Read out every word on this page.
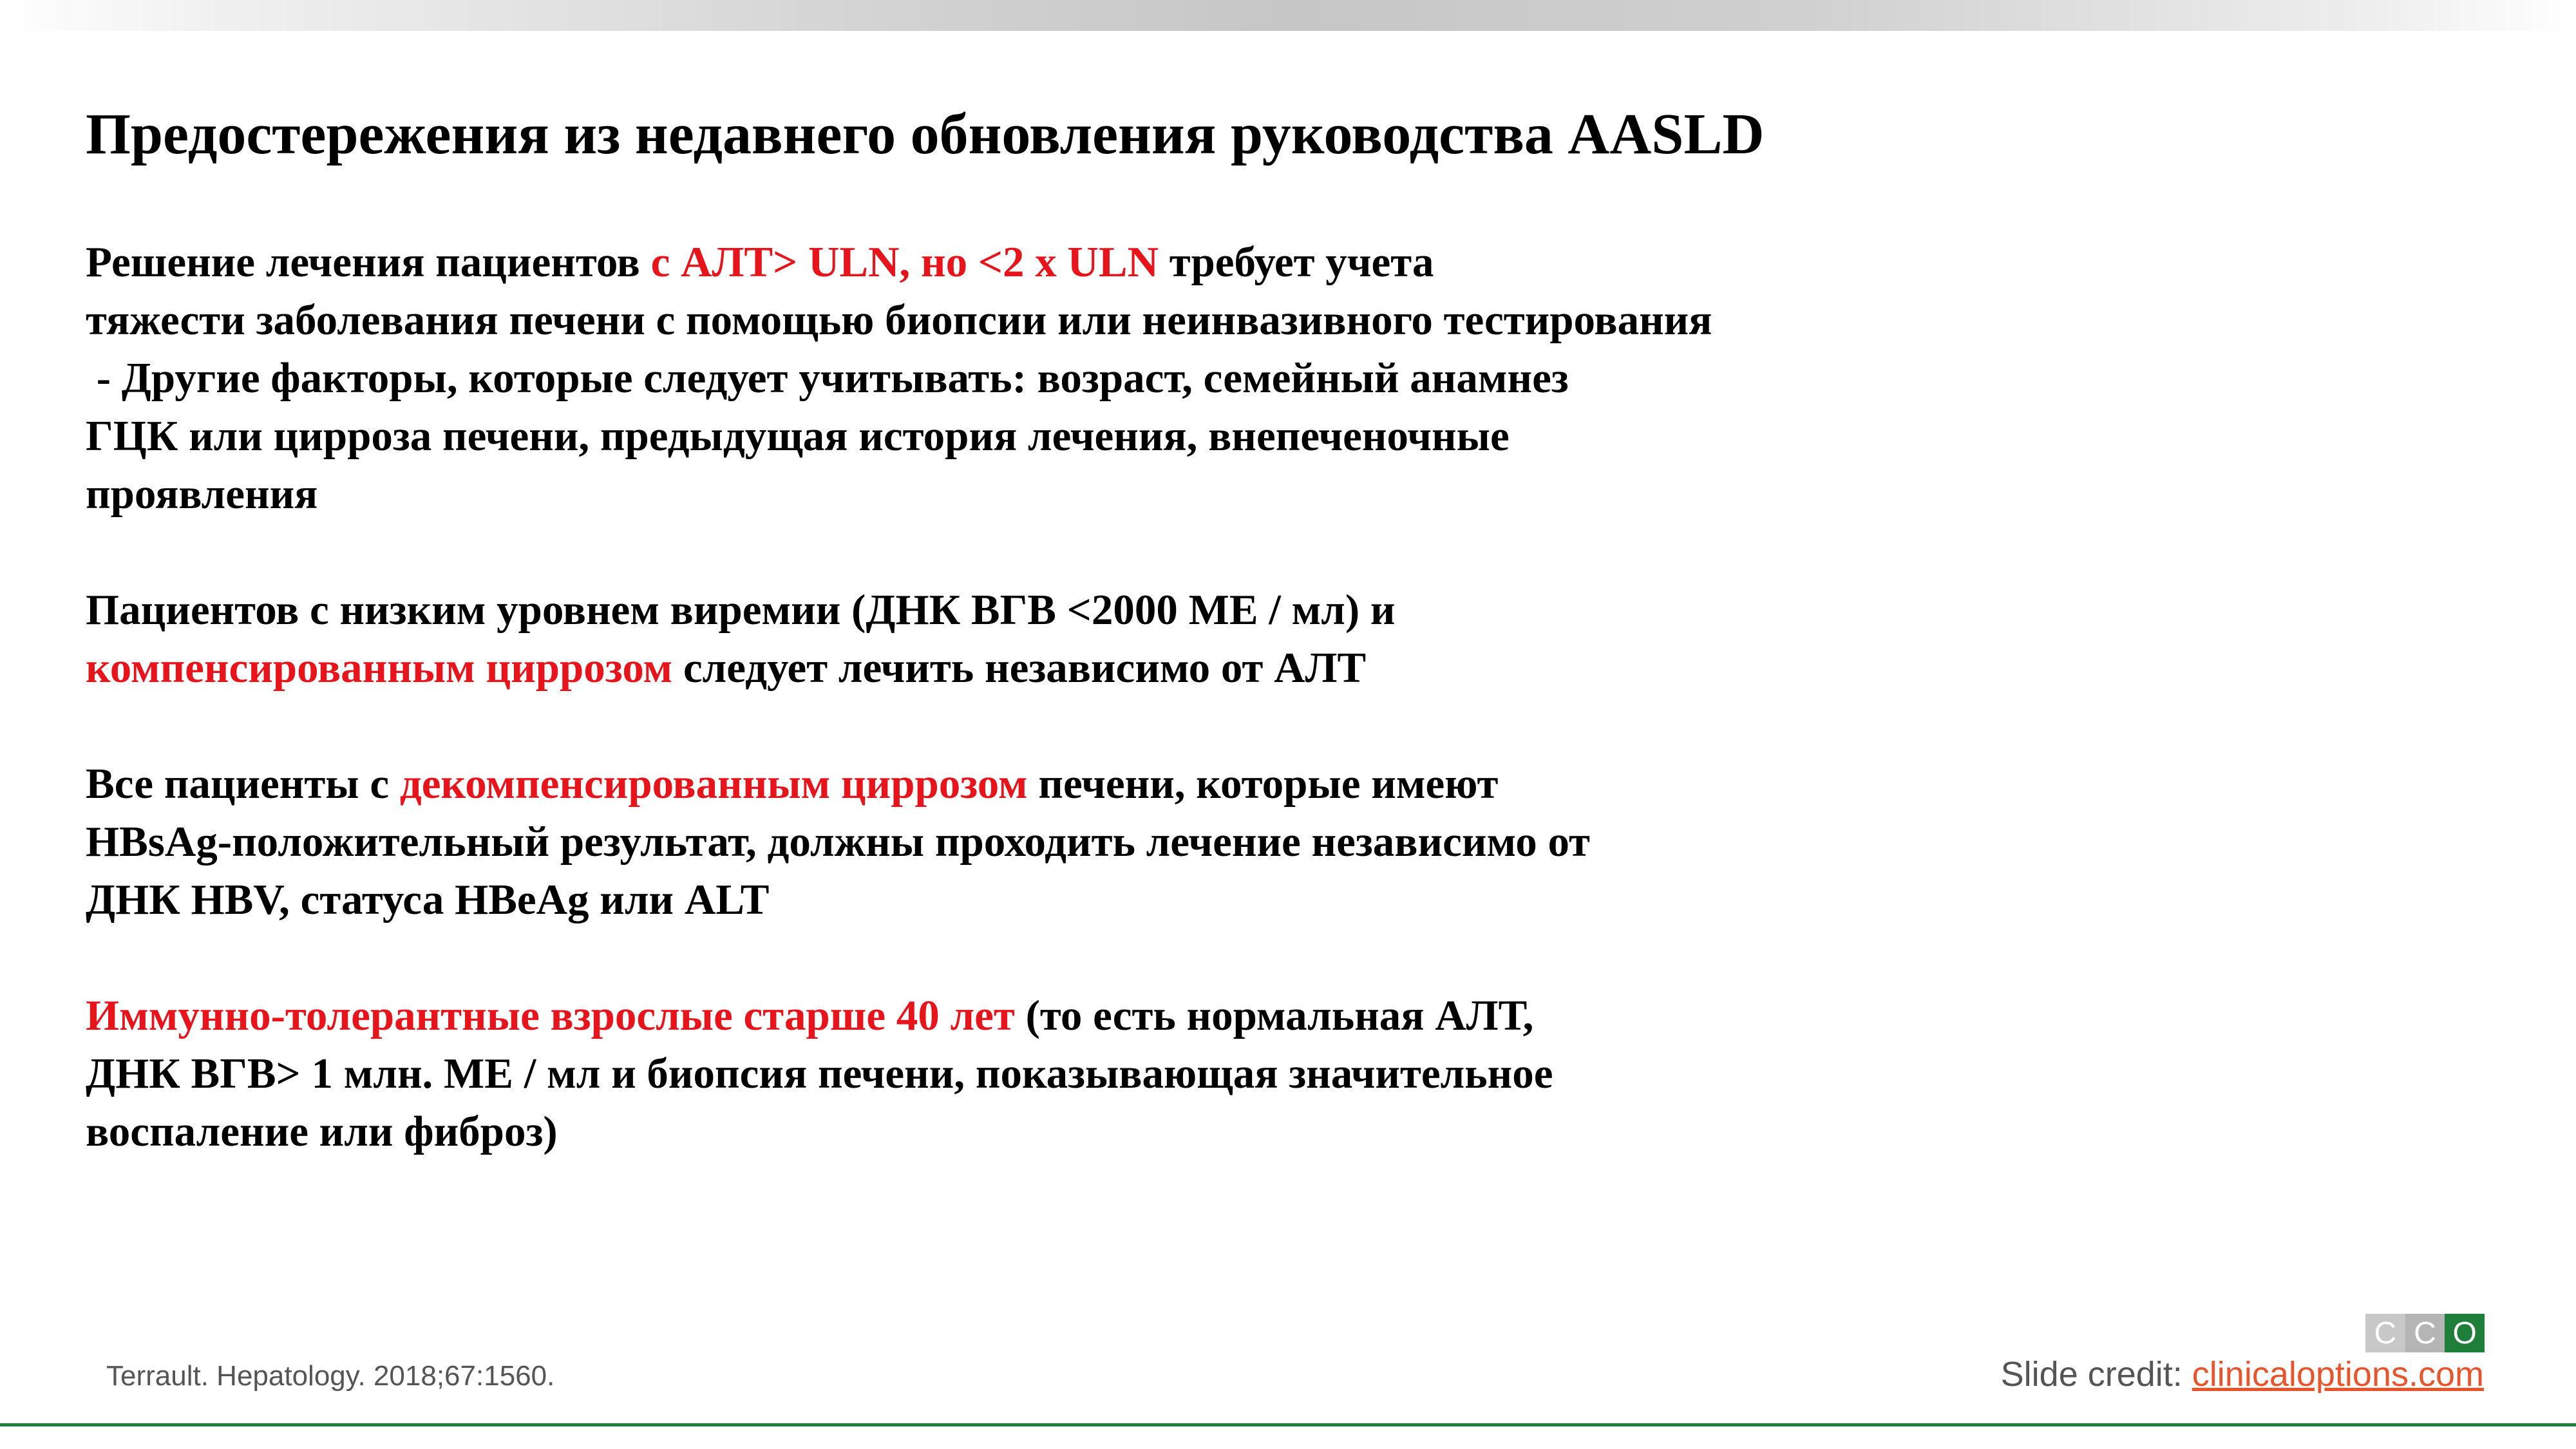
Предостережения из недавнего обновления руководства AASLD

Решение лечения пациентов с АЛТ> ULN, но <2 x ULN требует учета
тяжести заболевания печени с помощью биопсии или неинвазивного тестирования
- Другие факторы, которые следует учитывать: возраст, семейный анамнез
ГЦК или цирроза печени, предыдущая история лечения, внепеченочные
проявления

Пациентов с низким уровнем виремии (ДНК ВГВ <2000 МЕ / мл) и
компенсированным циррозом следует лечить независимо от АЛТ

Все пациенты с декомпенсированным циррозом печени, которые имеют
HBsAg-положительный результат, должны проходить лечение независимо от
ДНК HBV, статуса HBeAg или ALT

Иммунно-толерантные взрослые старше 40 лет (то есть нормальная АЛТ,
ДНК ВГВ> 1 млн. МЕ / мл и биопсия печени, показывающая значительное
воспаление или фиброз)

Terrault. Hepatology. 2018;67:1560.
C C O
Slide credit: clinicaloptions.com
